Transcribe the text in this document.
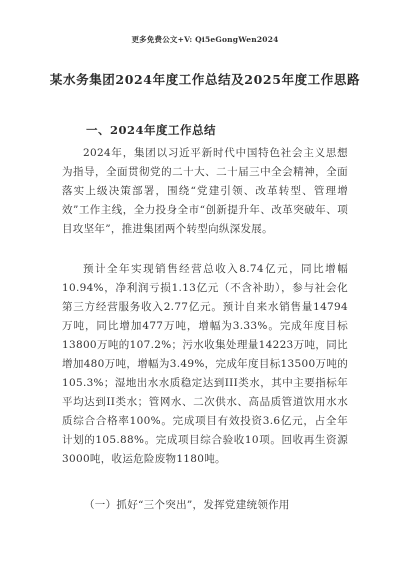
更多免费公文+V: Qi5eGongWen2024
某水务集团2024年度工作总结及2025年度工作思路
一、2024年度工作总结

2024年，集团以习近平新时代中国特色社会主义思想为指导，全面贯彻党的二十大、二十届三中全会精神，全面落实上级决策部署，围绕“党建引领、改革转型、管理增效”工作主线，全力投身全市“创新提升年、改革突破年、项目攻坚年”，推进集团两个转型向纵深发展。

预计全年实现销售经营总收入8.74亿元，同比增幅10.94%，净利润亏损1.13亿元（不含补助），参与社会化第三方经营服务收入2.77亿元。预计自来水销售量14794万吨，同比增加477万吨，增幅为3.33%。完成年度目标13800万吨的107.2%；污水收集处理量14223万吨，同比增加480万吨，增幅为3.49%，完成年度目标13500万吨的105.3%；湿地出水水质稳定达到III类水，其中主要指标年平均达到II类水；管网水、二次供水、高品质管道饮用水水质综合合格率100%。完成项目有效投资3.6亿元，占全年计划的105.88%。完成项目综合验收10项。回收再生资源3000吨，收运危险废物1180吨。

（一）抓好“三个突出”，发挥党建统领作用
